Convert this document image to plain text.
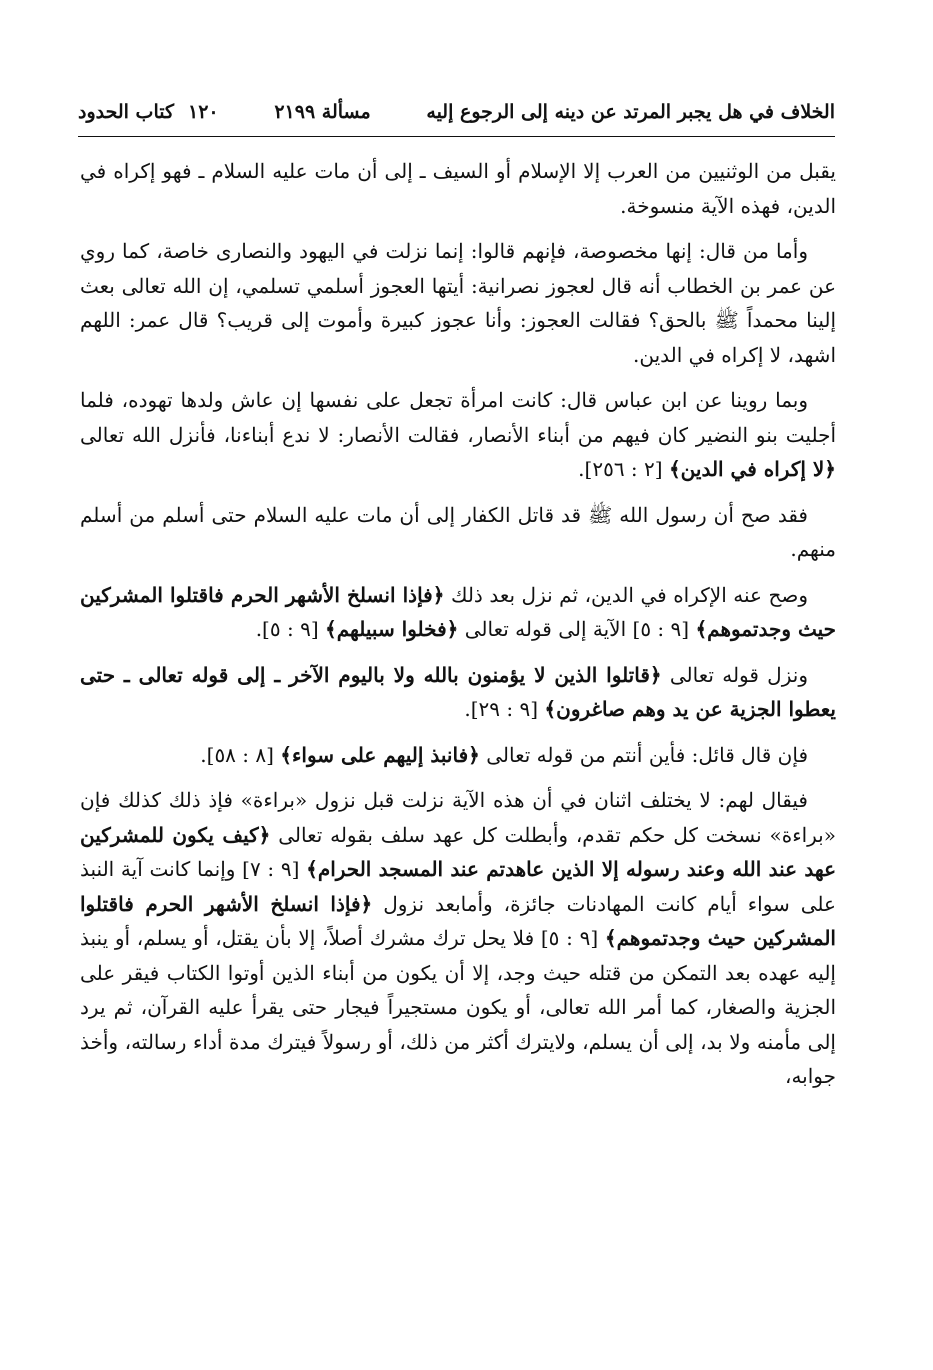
١٢٠
كتاب الحدود	مسألة ٢١٩٩	الخلاف في هل يجبر المرتد عن دينه إلى الرجوع إليه

يقبل من الوثنيين من العرب إلا الإسلام أو السيف ـ إلى أن مات عليه السلام ـ فهو إكراه في الدين، فهذه الآية منسوخة.

وأما من قال: إنها مخصوصة، فإنهم قالوا: إنما نزلت في اليهود والنصارى خاصة، كما روي عن عمر بن الخطاب أنه قال لعجوز نصرانية: أيتها العجوز أسلمي تسلمي، إن الله تعالى بعث إلينا محمداً ﷺ بالحق؟ فقالت العجوز: وأنا عجوز كبيرة وأموت إلى قريب؟ قال عمر: اللهم اشهد، لا إكراه في الدين.

وبما روينا عن ابن عباس قال: كانت امرأة تجعل على نفسها إن عاش ولدها تهوده، فلما أجليت بنو النضير كان فيهم من أبناء الأنصار، فقالت الأنصار: لا ندع أبناءنا، فأنزل الله تعالى ﴿لا إكراه في الدين﴾ [٢ : ٢٥٦].

فقد صح أن رسول الله ﷺ قد قاتل الكفار إلى أن مات عليه السلام حتى أسلم من أسلم منهم.

وصح عنه الإكراه في الدين، ثم نزل بعد ذلك ﴿فإذا انسلخ الأشهر الحرم فاقتلوا المشركين حيث وجدتموهم﴾ [٩ : ٥] الآية إلى قوله تعالى ﴿فخلوا سبيلهم﴾ [٩ : ٥].

ونزل قوله تعالى ﴿قاتلوا الذين لا يؤمنون بالله ولا باليوم الآخر ـ إلى قوله تعالى ـ حتى يعطوا الجزية عن يد وهم صاغرون﴾ [٩ : ٢٩].

فإن قال قائل: فأين أنتم من قوله تعالى ﴿فانبذ إليهم على سواء﴾ [٨ : ٥٨].

فيقال لهم: لا يختلف اثنان في أن هذه الآية نزلت قبل نزول «براءة» فإذ ذلك كذلك فإن «براءة» نسخت كل حكم تقدم، وأبطلت كل عهد سلف بقوله تعالى ﴿كيف يكون للمشركين عهد عند الله وعند رسوله إلا الذين عاهدتم عند المسجد الحرام﴾ [٩ : ٧] وإنما كانت آية النبذ على سواء أيام كانت المهادنات جائزة، وأمابعد نزول ﴿فإذا انسلخ الأشهر الحرم فاقتلوا المشركين حيث وجدتموهم﴾ [٩ : ٥] فلا يحل ترك مشرك أصلاً، إلا بأن يقتل، أو يسلم، أو ينبذ إليه عهده بعد التمكن من قتله حيث وجد، إلا أن يكون من أبناء الذين أوتوا الكتاب فيقر على الجزية والصغار، كما أمر الله تعالى، أو يكون مستجيراً فيجار حتى يقرأ عليه القرآن، ثم يرد إلى مأمنه ولا بد، إلى أن يسلم، ولايترك أكثر من ذلك، أو رسولاً فيترك مدة أداء رسالته، وأخذ جوابه،
